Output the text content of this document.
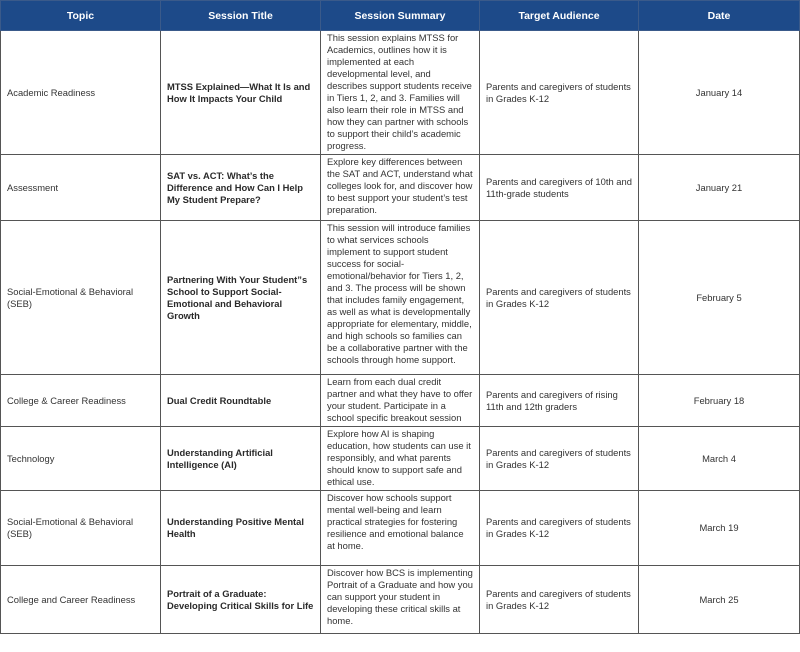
Topic	Session Title	Session Summary	Target Audience	Date
Academic Readiness	MTSS Explained—What It Is and How It Impacts Your Child	This session explains MTSS for Academics, outlines how it is implemented at each developmental level, and describes support students receive in Tiers 1, 2, and 3. Families will also learn their role in MTSS and how they can partner with schools to support their child’s academic progress.	Parents and caregivers of students in Grades K-12	January 14
Assessment	SAT vs. ACT: What’s the Difference and How Can I Help My Student Prepare?	Explore key differences between the SAT and ACT, understand what colleges look for, and discover how to best support your student’s test preparation.	Parents and caregivers of 10th and 11th-grade students	January 21
Social-Emotional & Behavioral (SEB)	Partnering With Your Student”s School to Support Social-Emotional and Behavioral Growth	This session will introduce families to what services schools implement to support student success for social-emotional/behavior for Tiers 1, 2, and 3. The process will be shown that includes family engagement, as well as what is developmentally appropriate for elementary, middle, and high schools so families can be a collaborative partner with the schools through home support.	Parents and caregivers of students in Grades K-12	February 5
College & Career Readiness	Dual Credit Roundtable	Learn from each dual credit partner and what they have to offer your student. Participate in a school specific breakout session	Parents and caregivers of rising 11th and 12th graders	February 18
Technology	Understanding Artificial Intelligence (AI)	Explore how AI is shaping education, how students can use it responsibly, and what parents should know to support safe and ethical use.	Parents and caregivers of students in Grades K-12	March 4
Social-Emotional & Behavioral (SEB)	Understanding Positive Mental Health	Discover how schools support mental well-being and learn practical strategies for fostering resilience and emotional balance at home.	Parents and caregivers of students in Grades K-12	March 19
College and Career Readiness	Portrait of a Graduate: Developing Critical Skills for Life	Discover how BCS is implementing Portrait of a Graduate and how you can support your student in developing these critical skills at home.	Parents and caregivers of students in Grades K-12	March 25
